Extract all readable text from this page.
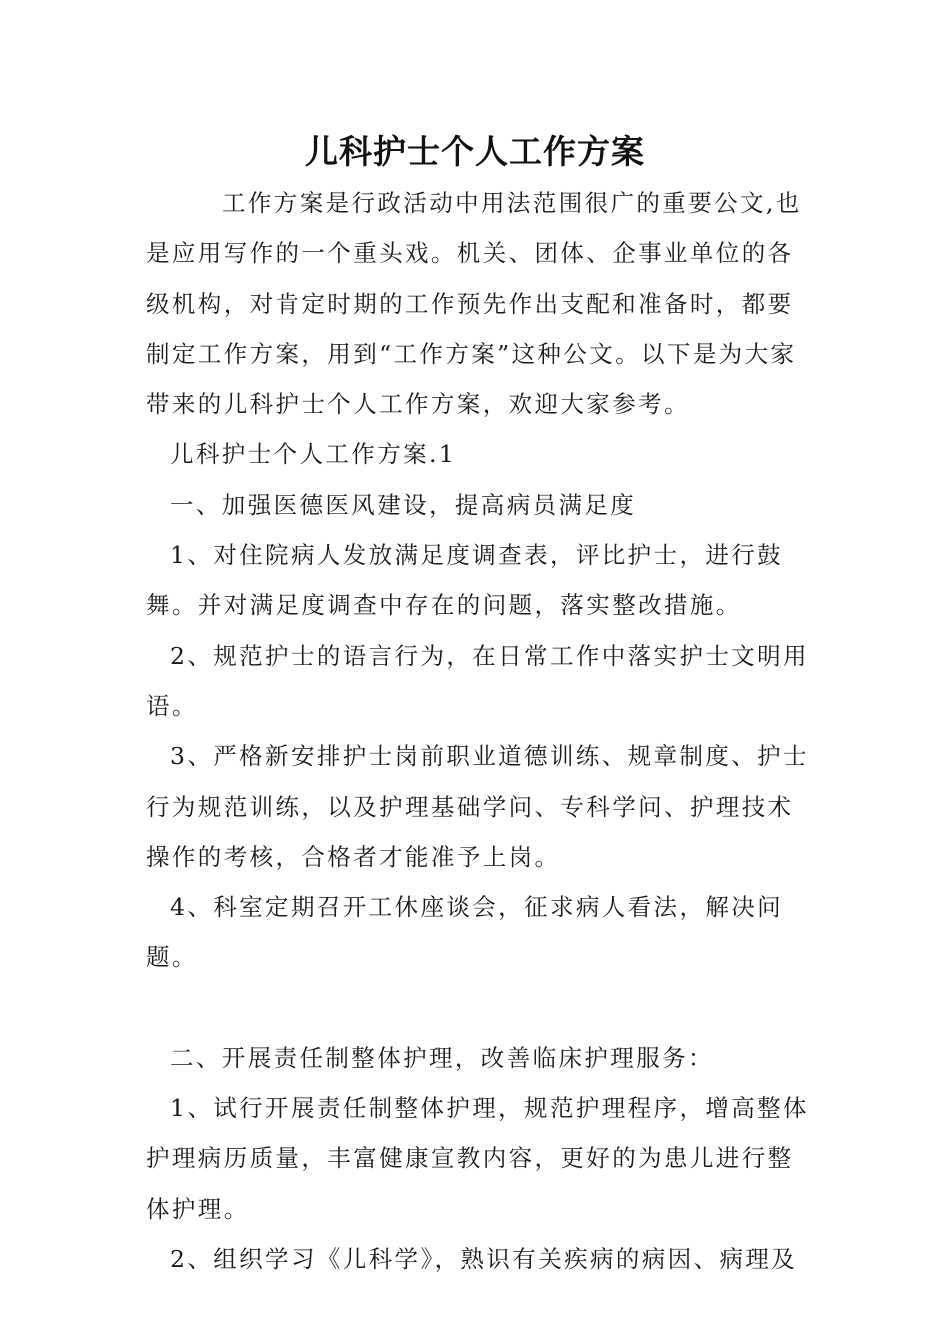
儿科护士个人工作方案

工作方案是行政活动中用法范围很广的重要公文,也是应用写作的一个重头戏。机关、团体、企事业单位的各级机构，对肯定时期的工作预先作出支配和准备时，都要制定工作方案，用到“工作方案”这种公文。以下是为大家带来的儿科护士个人工作方案，欢迎大家参考。

儿科护士个人工作方案.1

一、加强医德医风建设，提高病员满足度

1、对住院病人发放满足度调查表，评比护士，进行鼓舞。并对满足度调查中存在的问题，落实整改措施。

2、规范护士的语言行为，在日常工作中落实护士文明用语。

3、严格新安排护士岗前职业道德训练、规章制度、护士行为规范训练，以及护理基础学问、专科学问、护理技术操作的考核，合格者才能准予上岗。

4、科室定期召开工休座谈会，征求病人看法，解决问题。

二、开展责任制整体护理，改善临床护理服务：

1、试行开展责任制整体护理，规范护理程序，增高整体护理病历质量，丰富健康宣教内容，更好的为患儿进行整体护理。

2、组织学习《儿科学》，熟识有关疾病的病因、病理及
